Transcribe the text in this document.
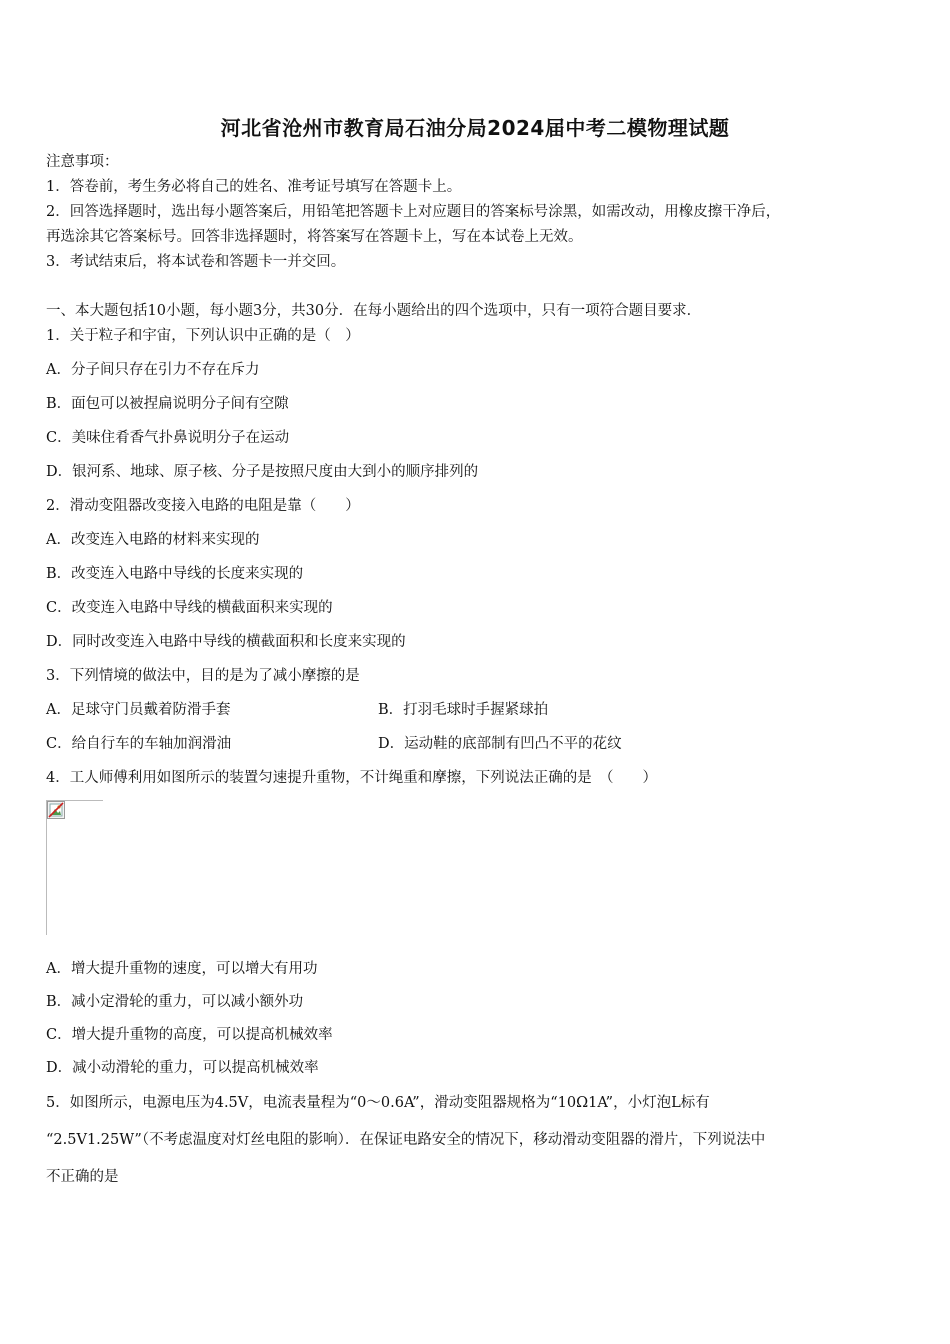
河北省沧州市教育局石油分局2024届中考二模物理试题
注意事项：
1．答卷前，考生务必将自己的姓名、准考证号填写在答题卡上。
2．回答选择题时，选出每小题答案后，用铅笔把答题卡上对应题目的答案标号涂黑，如需改动，用橡皮擦干净后，
再选涂其它答案标号。回答非选择题时，将答案写在答题卡上，写在本试卷上无效。
3．考试结束后，将本试卷和答题卡一并交回。
一、本大题包括10小题，每小题3分，共30分．在每小题给出的四个选项中，只有一项符合题目要求．
1．关于粒子和宇宙，下列认识中正确的是（　）
A．分子间只存在引力不存在斥力
B．面包可以被捏扁说明分子间有空隙
C．美味住肴香气扑鼻说明分子在运动
D．银河系、地球、原子核、分子是按照尺度由大到小的顺序排列的
2．滑动变阻器改变接入电路的电阻是靠（　　）
A．改变连入电路的材料来实现的
B．改变连入电路中导线的长度来实现的
C．改变连入电路中导线的横截面积来实现的
D．同时改变连入电路中导线的横截面积和长度来实现的
3．下列情境的做法中，目的是为了减小摩擦的是
A．足球守门员戴着防滑手套	B．打羽毛球时手握紧球拍
C．给自行车的车轴加润滑油	D．运动鞋的底部制有凹凸不平的花纹
4．工人师傅利用如图所示的装置匀速提升重物，不计绳重和摩擦，下列说法正确的是　（　　）
A．增大提升重物的速度，可以增大有用功
B．减小定滑轮的重力，可以减小额外功
C．增大提升重物的高度，可以提高机械效率
D．减小动滑轮的重力，可以提高机械效率
5．如图所示，电源电压为4.5V，电流表量程为“0～0.6A”，滑动变阻器规格为“10Ω1A”，小灯泡L标有
“2.5V1.25W”（不考虑温度对灯丝电阻的影响）．在保证电路安全的情况下，移动滑动变阻器的滑片，下列说法中
不正确的是
